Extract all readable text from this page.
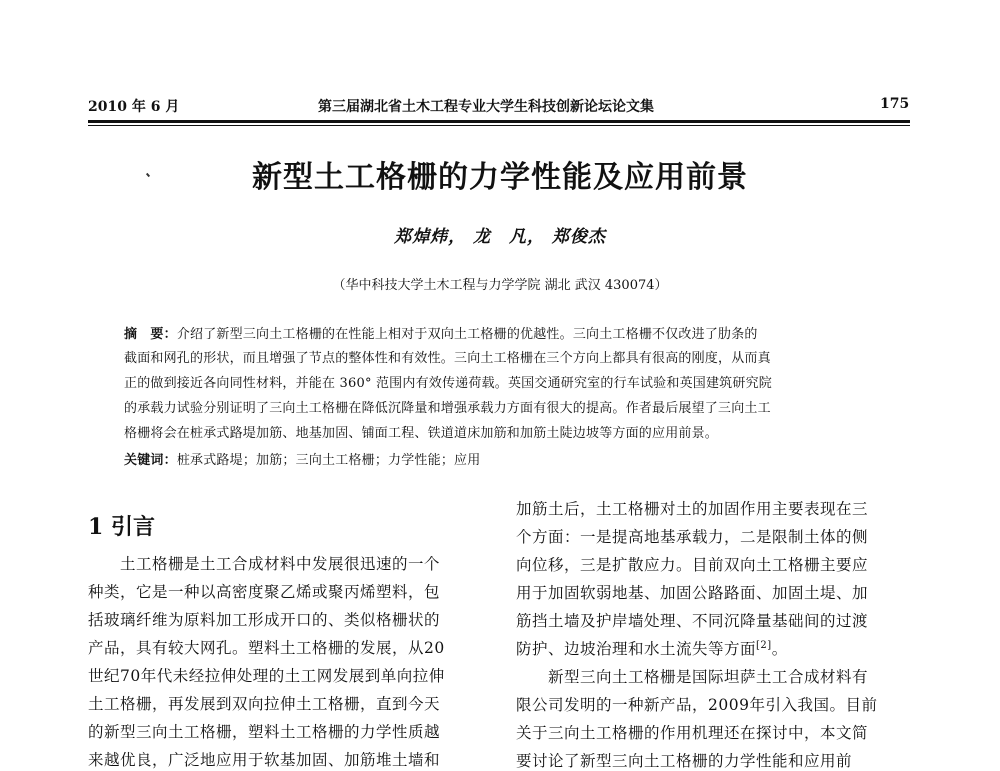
2010 年 6 月	第三届湖北省土木工程专业大学生科技创新论坛论文集	175
新型土工格栅的力学性能及应用前景
郑焯炜， 龙　凡， 郑俊杰
（华中科技大学土木工程与力学学院 湖北 武汉 430074）
摘　要：介绍了新型三向土工格栅的在性能上相对于双向土工格栅的优越性。三向土工格栅不仅改进了肋条的
截面和网孔的形状，而且增强了节点的整体性和有效性。三向土工格栅在三个方向上都具有很高的刚度，从而真
正的做到接近各向同性材料，并能在 360° 范围内有效传递荷载。英国交通研究室的行车试验和英国建筑研究院
的承载力试验分别证明了三向土工格栅在降低沉降量和增强承载力方面有很大的提高。作者最后展望了三向土工
格栅将会在桩承式路堤加筋、地基加固、铺面工程、铁道道床加筋和加筋土陡边坡等方面的应用前景。
关键词：桩承式路堤；加筋；三向土工格栅；力学性能；应用
1 引言
　　土工格栅是土工合成材料中发展很迅速的一个
种类，它是一种以高密度聚乙烯或聚丙烯塑料，包
括玻璃纤维为原料加工形成开口的、类似格栅状的
产品，具有较大网孔。塑料土工格栅的发展，从20
世纪70年代未经拉伸处理的土工网发展到单向拉伸
土工格栅，再发展到双向拉伸土工格栅，直到今天
的新型三向土工格栅，塑料土工格栅的力学性质越
来越优良，广泛地应用于软基加固、加筋堆土墙和
加筋土后，土工格栅对土的加固作用主要表现在三
个方面：一是提高地基承载力，二是限制土体的侧
向位移，三是扩散应力。目前双向土工格栅主要应
用于加固软弱地基、加固公路路面、加固土堤、加
筋挡土墙及护岸墙处理、不同沉降量基础间的过渡
防护、边坡治理和水土流失等方面[2]。
　　新型三向土工格栅是国际坦萨土工合成材料有
限公司发明的一种新产品，2009年引入我国。目前
关于三向土工格栅的作用机理还在探讨中，本文简
要讨论了新型三向土工格栅的力学性能和应用前
